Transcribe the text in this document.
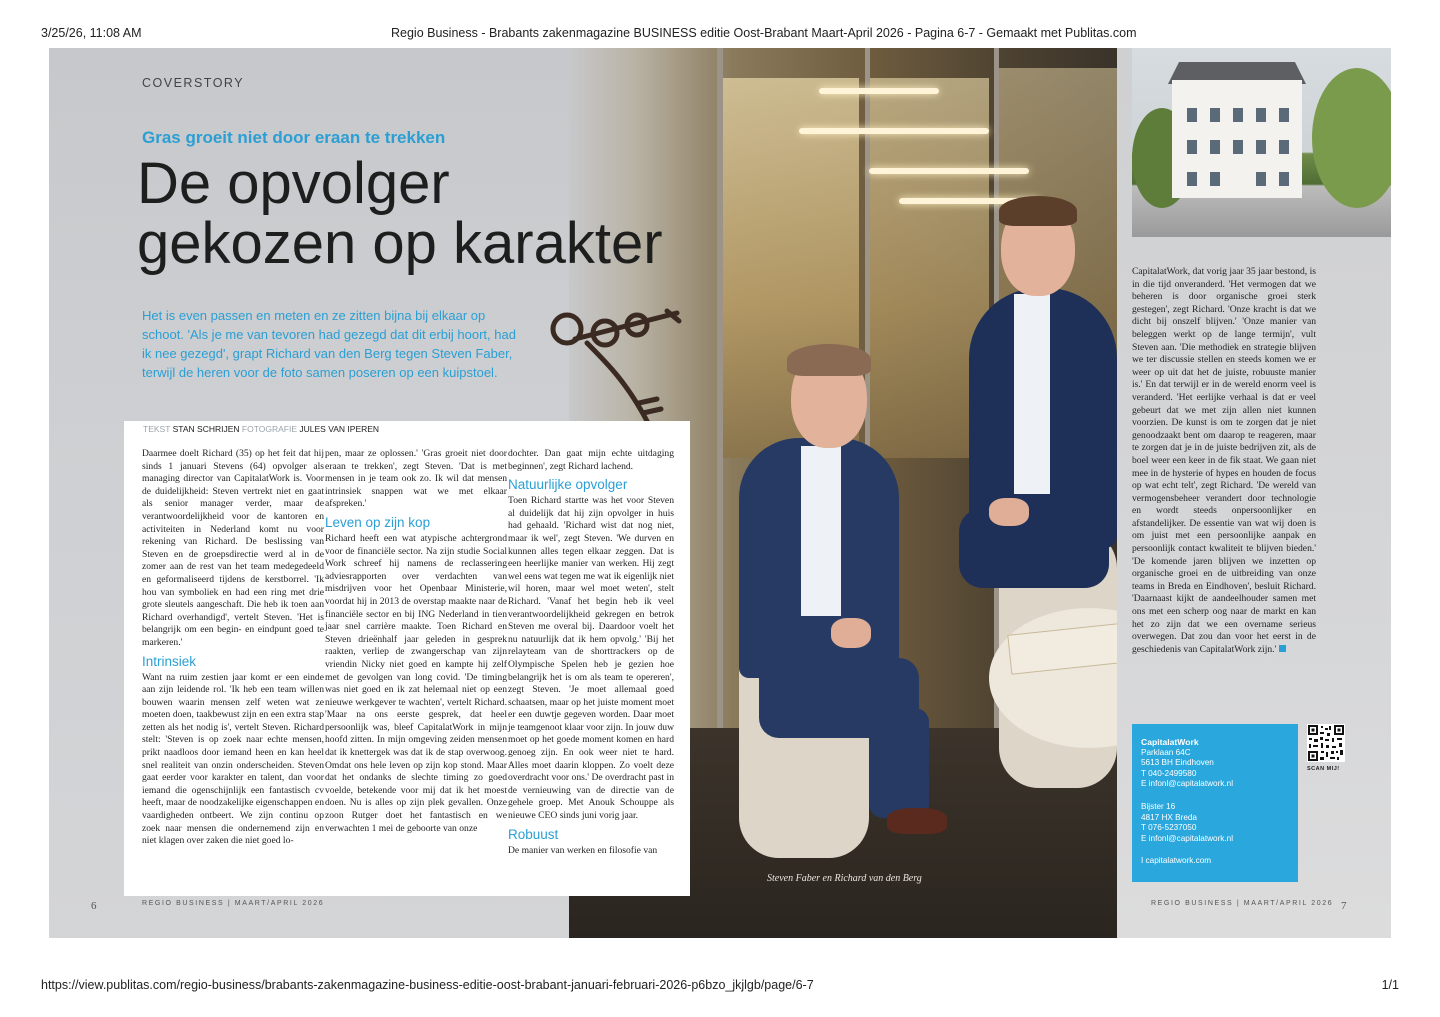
3/25/26, 11:08 AM	Regio Business - Brabants zakenmagazine BUSINESS editie Oost-Brabant Maart-April 2026 - Pagina 6-7 - Gemaakt met Publitas.com
Steven Faber en Richard van den Berg
COVERSTORY
Gras groeit niet door eraan te trekken
De opvolger
gekozen op karakter
Het is even passen en meten en ze zitten bijna bij elkaar op schoot. 'Als je me van tevoren had gezegd dat dit erbij hoort, had ik nee gezegd', grapt Richard van den Berg tegen Steven Faber, terwijl de heren voor de foto samen poseren op een kuipstoel.
TEKST STAN SCHRIJEN FOTOGRAFIE JULES VAN IPEREN

Daarmee doelt Richard (35) op het feit dat hij sinds 1 januari Stevens (64) opvolger als managing director van CapitalatWork is. Voor de duidelijkheid: Steven vertrekt niet en gaat als senior manager verder, maar de verantwoordelijkheid voor de kantoren en activiteiten in Nederland komt nu voor rekening van Richard. De beslissing van Steven en de groepsdirectie werd al in de zomer aan de rest van het team medegedeeld en geformaliseerd tijdens de kerstborrel. 'Ik hou van symboliek en had een ring met drie grote sleutels aangeschaft. Die heb ik toen aan Richard overhandigd', vertelt Steven. 'Het is belangrijk om een begin- en eindpunt goed te markeren.'

Intrinsiek

Want na ruim zestien jaar komt er een einde aan zijn leidende rol. 'Ik heb een team willen bouwen waarin mensen zelf weten wat ze moeten doen, taakbewust zijn en een extra stap zetten als het nodig is', vertelt Steven. Richard stelt: 'Steven is op zoek naar echte mensen, prikt naadloos door iemand heen en kan heel snel realiteit van onzin onderscheiden. Steven gaat eerder voor karakter en talent, dan voor iemand die ogenschijnlijk een fantastisch cv heeft, maar de noodzakelijke eigenschappen en vaardigheden ontbeert. We zijn continu op zoek naar mensen die ondernemend zijn en niet klagen over zaken die niet goed lo-

pen, maar ze oplossen.' 'Gras groeit niet door eraan te trekken', zegt Steven. 'Dat is met mensen in je team ook zo. Ik wil dat mensen intrinsiek snappen wat we met elkaar afspreken.'

Leven op zijn kop

Richard heeft een wat atypische achtergrond voor de financiële sector. Na zijn studie Social Work schreef hij namens de reclassering adviesrapporten over verdachten van misdrijven voor het Openbaar Ministerie, voordat hij in 2013 de overstap maakte naar de financiële sector en bij ING Nederland in tien jaar snel carrière maakte. Toen Richard en Steven drieënhalf jaar geleden in gesprek raakten, verliep de zwangerschap van zijn vriendin Nicky niet goed en kampte hij zelf met de gevolgen van long covid. 'De timing was niet goed en ik zat helemaal niet op een nieuwe werkgever te wachten', vertelt Richard. 'Maar na ons eerste gesprek, dat heel persoonlijk was, bleef CapitalatWork in mijn hoofd zitten. In mijn omgeving zeiden mensen dat ik knettergek was dat ik de stap overwoog. Omdat ons hele leven op zijn kop stond. Maar dat het ondanks de slechte timing zo goed voelde, betekende voor mij dat ik het moest doen. Nu is alles op zijn plek gevallen. Onze zoon Rutger doet het fantastisch en we verwachten 1 mei de geboorte van onze

dochter. Dan gaat mijn echte uitdaging beginnen', zegt Richard lachend.

Natuurlijke opvolger

Toen Richard startte was het voor Steven al duidelijk dat hij zijn opvolger in huis had gehaald. 'Richard wist dat nog niet, maar ik wel', zegt Steven. 'We durven en kunnen alles tegen elkaar zeggen. Dat is een heerlijke manier van werken. Hij zegt wel eens wat tegen me wat ik eigenlijk niet wil horen, maar wel moet weten', stelt Richard. 'Vanaf het begin heb ik veel verantwoordelijkheid gekregen en betrok Steven me overal bij. Daardoor voelt het nu natuurlijk dat ik hem opvolg.' 'Bij het relayteam van de shorttrackers op de Olympische Spelen heb je gezien hoe belangrijk het is om als team te opereren', zegt Steven. 'Je moet allemaal goed schaatsen, maar op het juiste moment moet er een duwtje gegeven worden. Daar moet je teamgenoot klaar voor zijn. In jouw duw moet op het goede moment komen en hard genoeg zijn. En ook weer niet te hard. Alles moet daarin kloppen. Zo voelt deze overdracht voor ons.' De overdracht past in de vernieuwing van de directie van de gehele groep. Met Anouk Schouppe als nieuwe CEO sinds juni vorig jaar.

Robuust

De manier van werken en filosofie van

6	REGIO BUSINESS | MAART/APRIL 2026	REGIO BUSINESS | MAART/APRIL 2026 7
CapitalatWork, dat vorig jaar 35 jaar bestond, is in die tijd onveranderd. 'Het vermogen dat we beheren is door organische groei sterk gestegen', zegt Richard. 'Onze kracht is dat we dicht bij onszelf blijven.' 'Onze manier van beleggen werkt op de lange termijn', vult Steven aan. 'Die methodiek en strategie blijven we ter discussie stellen en steeds komen we er weer op uit dat het de juiste, robuuste manier is.' En dat terwijl er in de wereld enorm veel is veranderd. 'Het eerlijke verhaal is dat er veel gebeurt dat we met zijn allen niet kunnen voorzien. De kunst is om te zorgen dat je niet genoodzaakt bent om daarop te reageren, maar te zorgen dat je in de juiste bedrijven zit, als de boel weer een keer in de fik staat. We gaan niet mee in de hysterie of hypes en houden de focus op wat echt telt', zegt Richard. 'De wereld van vermogensbeheer verandert door technologie en wordt steeds onpersoonlijker en afstandelijker. De essentie van wat wij doen is om juist met een persoonlijke aanpak en persoonlijk contact kwaliteit te blijven bieden.' 'De komende jaren blijven we inzetten op organische groei en de uitbreiding van onze teams in Breda en Eindhoven', besluit Richard. 'Daarnaast kijkt de aandeelhouder samen met ons met een scherp oog naar de markt en kan het zo zijn dat we een overname serieus overwegen. Dat zou dan voor het eerst in de geschiedenis van CapitalatWork zijn.'
CapitalatWork
Parklaan 64C
5613 BH Eindhoven
T 040-2499580
E infonl@capitalatwork.nl
Bijster 16
4817 HX Breda
T 076-5237050
E infonl@capitalatwork.nl
I capitalatwork.com
SCAN MIJ!
https://view.publitas.com/regio-business/brabants-zakenmagazine-business-editie-oost-brabant-januari-februari-2026-p6bzo_jkjlgb/page/6-7	1/1
